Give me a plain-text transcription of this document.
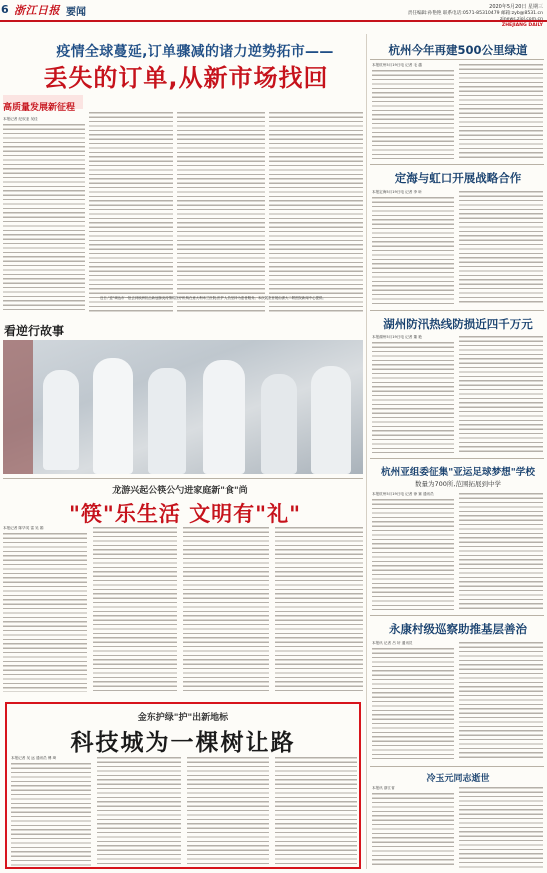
6 浙江日报 要闻	2020年5月20日 星期三
责任编辑:孙艳艳 联系电话:0571-85310479 邮箱:zyb@8531.cn
ZHEJIANG DAILY
疫情全球蔓延,订单骤减的诸力逆势拓市——
丢失的订单,从新市场找回
高质量发展新征程
本报记者 纪驭亚 吴佳
看逆行故事
近日,"逆"调达市一批去到欧洲抗击新冠肺炎疫情的医疗机构在意大利米兰医院,医护人员坚持为患者服务。本次展览首展由浙大二附医院新闻中心提供。
龙游兴起公筷公勺进家庭新"食"尚
"筷"乐生活 文明有"礼"
本报记者 陈毕英 雷 吴 娟
金东护绿"护"出新地标
科技城为一棵树让路
本报记者 吴 远 通讯员 傅 琦
杭州今年再建500公里绿道
本报杭州5月19日电 记者 毛 越
定海与虹口开展战略合作
本报定海5月19日电 记者 李 昕
湖州防汛热线防损近四千万元
本报湖州5月19日电 记者 董 艳
杭州亚组委征集"亚运足球梦想"学校
数量为700所,范围拓展到中学
本报杭州5月19日电 记者 徐 赛 通讯员
永康村级巡察助推基层善治
本报讯 记者 吕 轩 通讯员
冷玉元同志逝世
本报讯 浙江省
